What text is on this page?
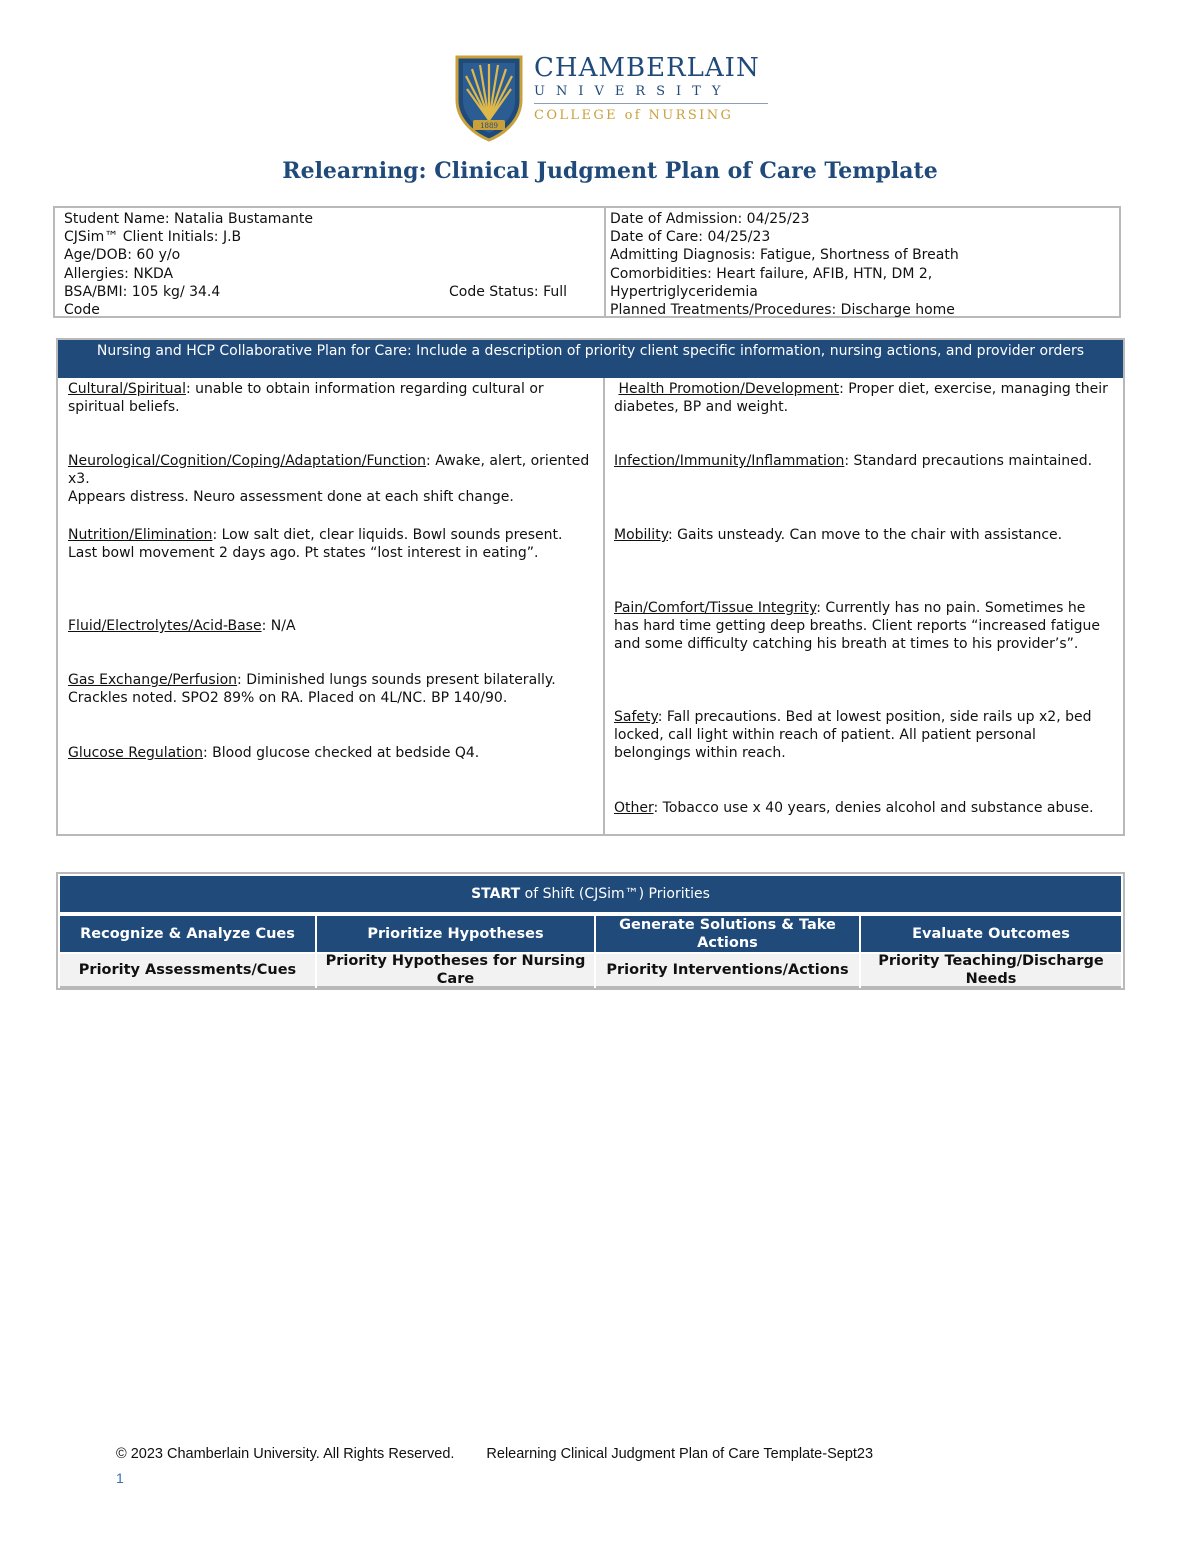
1889
CHAMBERLAIN
UNIVERSITY
COLLEGE of NURSING
Relearning: Clinical Judgment Plan of Care Template
Student Name: Natalia Bustamante
CJSim™ Client Initials: J.B
Age/DOB: 60 y/o
Allergies: NKDA
BSA/BMI: 105 kg/ 34.4	Code Status: Full
Code
Date of Admission: 04/25/23
Date of Care: 04/25/23
Admitting Diagnosis: Fatigue, Shortness of Breath
Comorbidities: Heart failure, AFIB, HTN, DM 2,
Hypertriglyceridemia
Planned Treatments/Procedures: Discharge home
Nursing and HCP Collaborative Plan for Care: Include a description of priority client specific information, nursing actions, and provider orders
Cultural/Spiritual: unable to obtain information regarding cultural or spiritual beliefs.
Neurological/Cognition/Coping/Adaptation/Function: Awake, alert, oriented x3.
Appears distress. Neuro assessment done at each shift change.
Nutrition/Elimination: Low salt diet, clear liquids. Bowl sounds present. Last bowl movement 2 days ago. Pt states “lost interest in eating”.
Fluid/Electrolytes/Acid-Base: N/A
Gas Exchange/Perfusion: Diminished lungs sounds present bilaterally. Crackles noted. SPO2 89% on RA. Placed on 4L/NC. BP 140/90.
Glucose Regulation: Blood glucose checked at bedside Q4.
Health Promotion/Development: Proper diet, exercise, managing their diabetes, BP and weight.
Infection/Immunity/Inflammation: Standard precautions maintained.
Mobility: Gaits unsteady. Can move to the chair with assistance.
Pain/Comfort/Tissue Integrity: Currently has no pain. Sometimes he has hard time getting deep breaths. Client reports “increased fatigue and some difficulty catching his breath at times to his provider’s”.
Safety: Fall precautions. Bed at lowest position, side rails up x2, bed locked, call light within reach of patient. All patient personal belongings within reach.
Other: Tobacco use x 40 years, denies alcohol and substance abuse.
START of Shift (CJSim™) Priorities
Recognize & Analyze Cues	Prioritize Hypotheses
Generate Solutions & Take Actions
Evaluate Outcomes
Priority Assessments/Cues
Priority Hypotheses for Nursing Care
Priority Interventions/Actions
Priority Teaching/Discharge Needs
© 2023 Chamberlain University. All Rights Reserved. Relearning Clinical Judgment Plan of Care Template-Sept23
1
